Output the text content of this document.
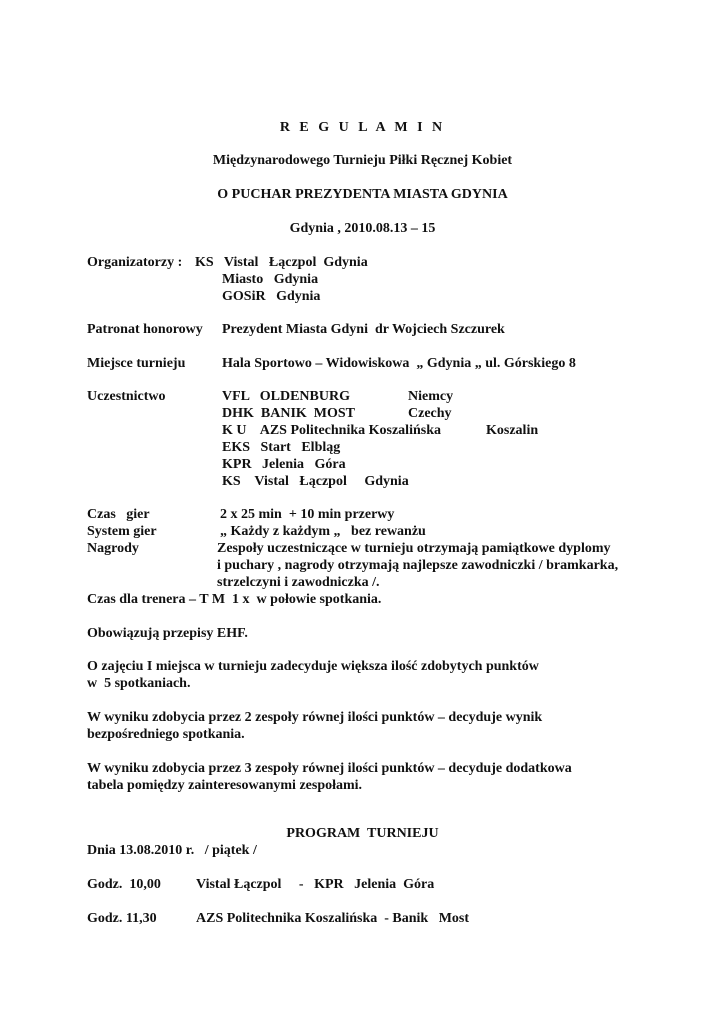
R E G U L A M I N
Międzynarodowego Turnieju Piłki Ręcznej Kobiet
O PUCHAR PREZYDENTA MIASTA GDYNIA
Gdynia , 2010.08.13 – 15
Organizatorzy : KS   Vistal   Łączpol  Gdynia
Miasto   Gdynia
GOSiR   Gdynia
Patronat honorowy Prezydent Miasta Gdyni  dr Wojciech Szczurek
Miejsce turnieju	Hala Sportowo – Widowiskowa  „ Gdynia „ ul. Górskiego 8
Uczestnictwo	VFL   OLDENBURG	Niemcy
DHK  BANIK  MOST	Czechy
K U    AZS Politechnika Koszalińska	Koszalin
EKS   Start   Elbląg
KPR   Jelenia   Góra
KS    Vistal   Łączpol     Gdynia
Czas   gier	2 x 25 min  + 10 min przerwy
System gier	„ Każdy z każdym „   bez rewanżu
Nagrody	Zespoły uczestniczące w turnieju otrzymają pamiątkowe dyplomy
i puchary , nagrody otrzymają najlepsze zawodniczki / bramkarka,
strzelczyni i zawodniczka /.
Czas dla trenera – T M  1 x  w połowie spotkania.
Obowiązują przepisy EHF.
O zajęciu I miejsca w turnieju zadecyduje większa ilość zdobytych punktów
w  5 spotkaniach.
W wyniku zdobycia przez 2 zespoły równej ilości punktów – decyduje wynik
bezpośredniego spotkania.
W wyniku zdobycia przez 3 zespoły równej ilości punktów – decyduje dodatkowa
tabela pomiędzy zainteresowanymi zespołami.
PROGRAM  TURNIEJU
Dnia 13.08.2010 r.   / piątek /
Godz.  10,00	Vistal Łączpol     -   KPR   Jelenia  Góra
Godz. 11,30	AZS Politechnika Koszalińska  - Banik   Most
